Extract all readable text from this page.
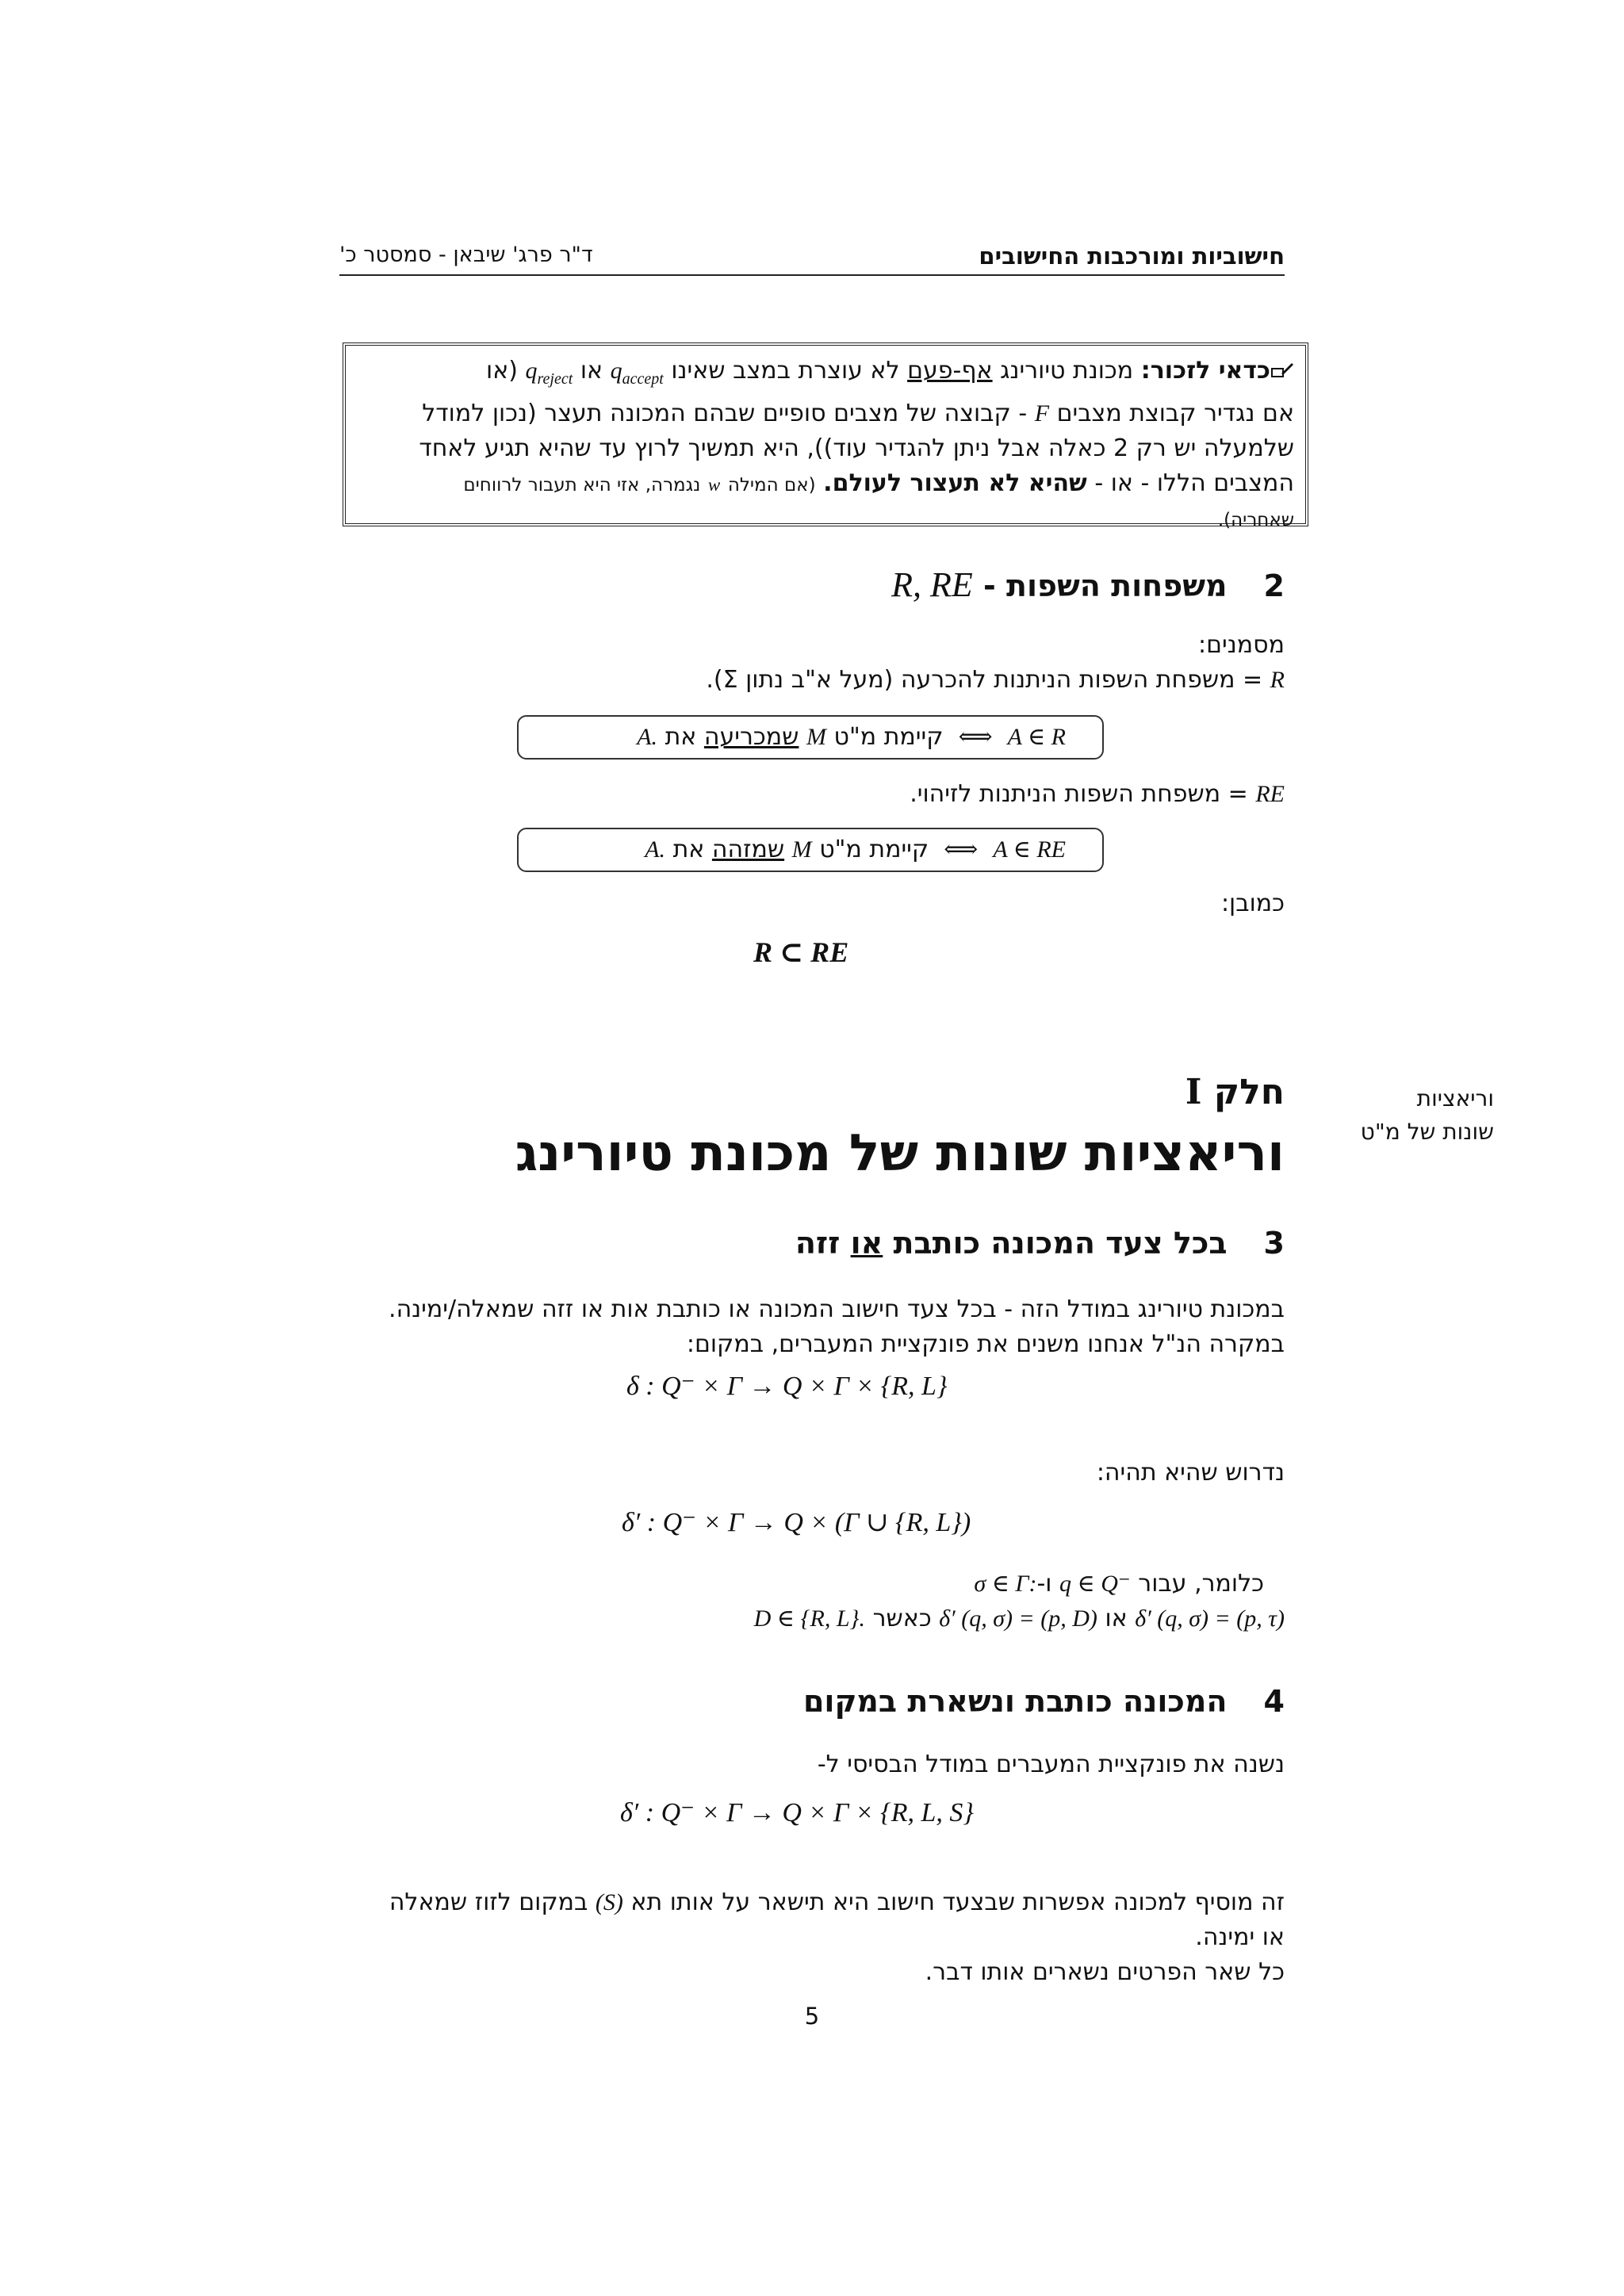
ד"ר פרג' שיבאן - סמסטר כ'	חישוביות ומורכבות החישובים
כדאי לזכור: מכונת טיורינג אף-פעם לא עוצרת במצב שאינו $q_{accept}$ או $q_{reject}$ (או
אם נגדיר קבוצת מצבים F - קבוצה של מצבים סופיים שבהם המכונה תעצר (נכון למודל
שלמעלה יש רק 2 כאלה אבל ניתן להגדיר עוד)), היא תמשיך לרוץ עד שהיא תגיע לאחד
המצבים הללו - או - שהיא לא תעצור לעולם. (אם המילה w נגמרה, אזי היא תעבור לרווחים
שאחריה).
2משפחות השפות - R, RE
מסמנים:
R = משפחת השפות הניתנות להכרעה (מעל א"ב נתון Σ).
A ∈ R  ⟺  קיימת מ"ט M שמכריעה את A.
RE = משפחת השפות הניתנות לזיהוי.
A ∈ RE  ⟺  קיימת מ"ט M שמזהה את A.
כמובן:
R ⊂ RE
וריאציות
שונות של מ"ט
חלק I
וריאציות שונות של מכונת טיורינג
3בכל צעד המכונה כותבת או זזה
במכונת טיורינג במודל הזה - בכל צעד חישוב המכונה או כותבת אות או זזה שמאלה/ימינה.
במקרה הנ"ל אנחנו משנים את פונקציית המעברים, במקום:
δ : Q⁻ × Γ → Q × Γ × {R, L}
נדרוש שהיא תהיה:
δ′ : Q⁻ × Γ → Q × (Γ ∪ {R, L})
כלומר, עבור q ∈ Q⁻ ו-σ ∈ Γ:
δ′ (q, σ) = (p, τ) או δ′ (q, σ) = (p, D) כאשר D ∈ {R, L}.
4המכונה כותבת ונשארת במקום
נשנה את פונקציית המעברים במודל הבסיסי ל-
δ′ : Q⁻ × Γ → Q × Γ × {R, L, S}
זה מוסיף למכונה אפשרות שבצעד חישוב היא תישאר על אותו תא (S) במקום לזוז שמאלה
או ימינה.
כל שאר הפרטים נשארים אותו דבר.
5
